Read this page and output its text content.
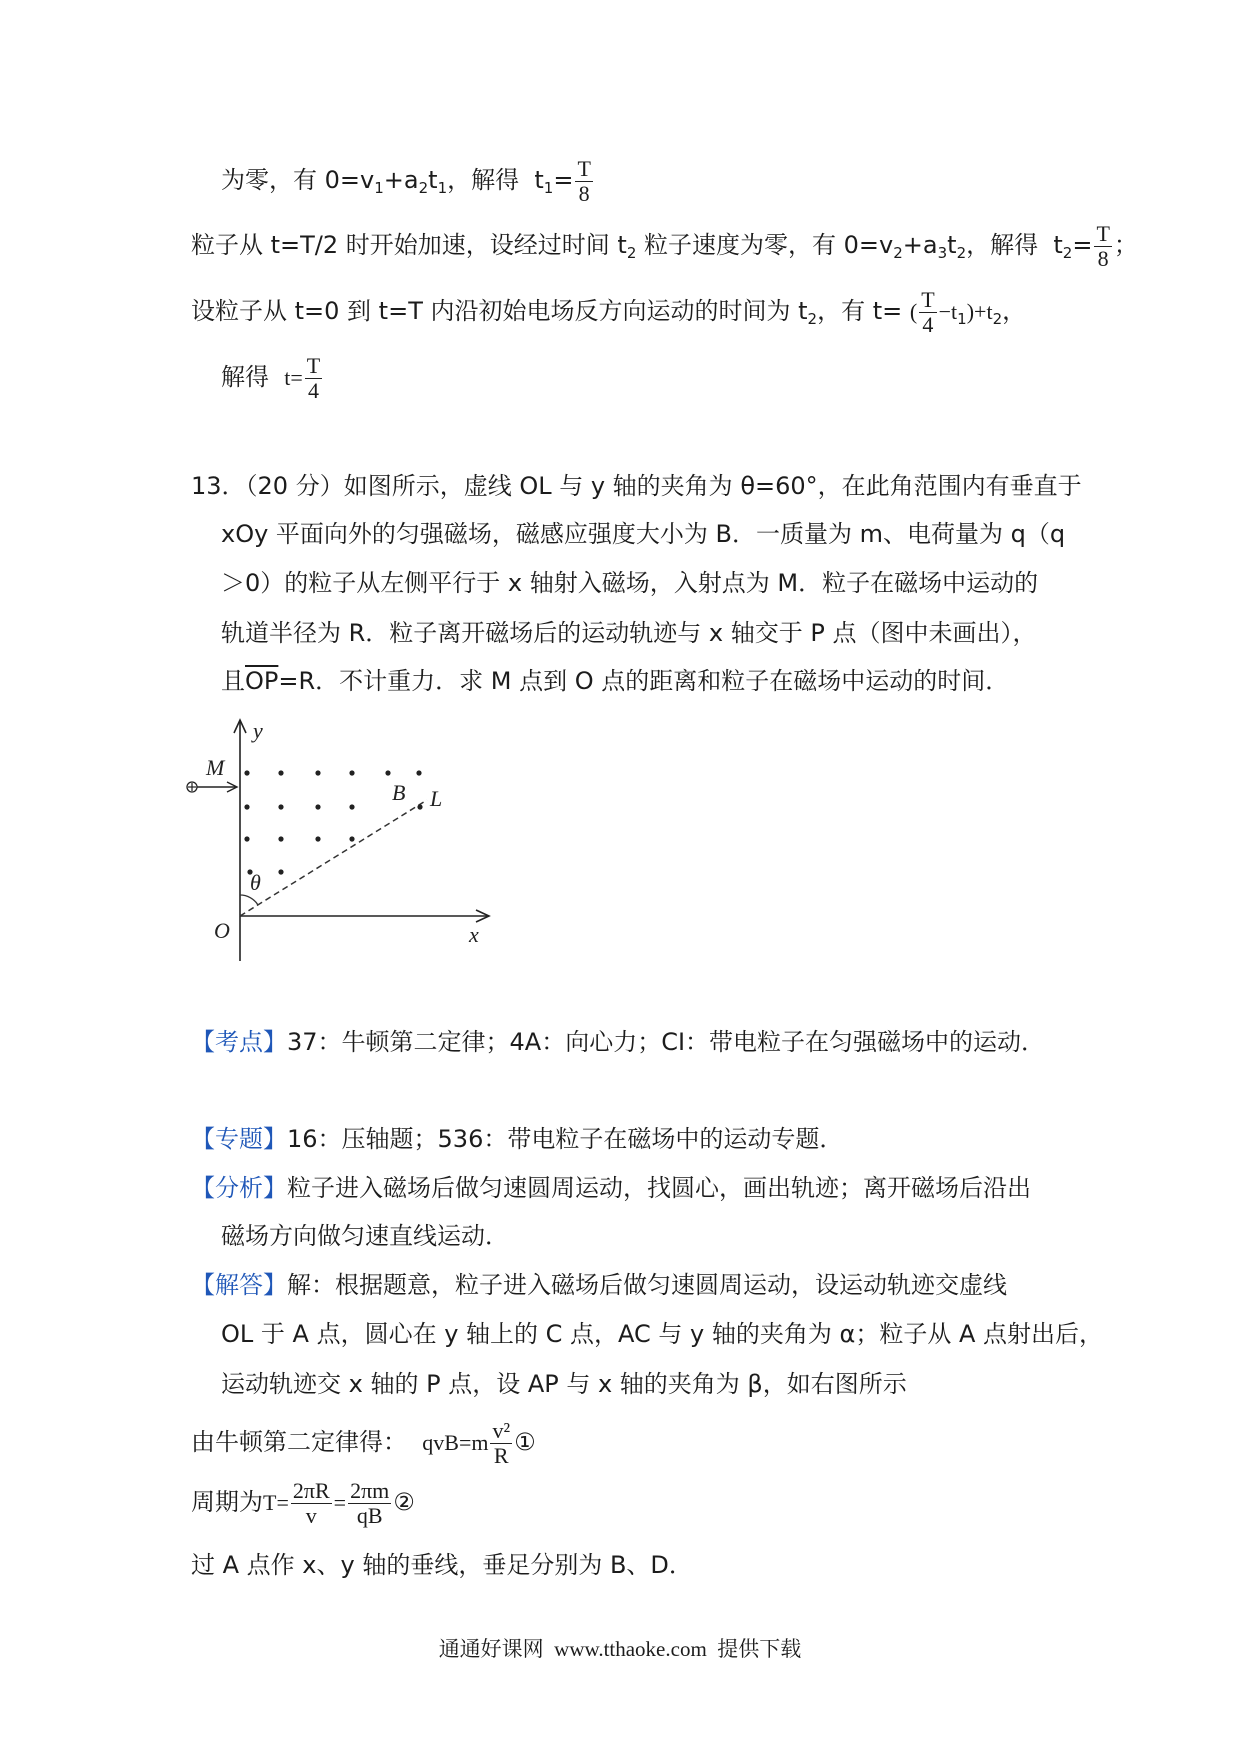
为零，有 $0=v_1+a_2t_1$，解得  $t_1= \frac{T}{8}$
粒子从 t=T/2 时开始加速，设经过时间 $t_2$ 粒子速度为零，有 $0=v_2+a_3t_2$，解得  $t_2= \frac{T}{8}$ ；
设粒子从 t=0 到 t=T 内沿初始电场反方向运动的时间为 $t_2$，有 t= ( $\frac{T}{4} -t_1)+t_2$，
解得  $t= \frac{T}{4}$
13．（20 分）如图所示，虚线 OL 与 y 轴的夹角为 θ=60°，在此角范围内有垂直于
xOy 平面向外的匀强磁场，磁感应强度大小为 B．一质量为 m、电荷量为 q（q
＞0）的粒子从左侧平行于 x 轴射入磁场，入射点为 M．粒子在磁场中运动的
轨道半径为 R．粒子离开磁场后的运动轨迹与 x 轴交于 P 点（图中未画出），
且$\overline{OP}=R$．不计重力．求 M 点到 O 点的距离和粒子在磁场中运动的时间．
y
x
O
M
B L
θ
【考点】37：牛顿第二定律；4A：向心力；CI：带电粒子在匀强磁场中的运动．
【专题】16：压轴题；536：带电粒子在磁场中的运动专题．
【分析】粒子进入磁场后做匀速圆周运动，找圆心，画出轨迹；离开磁场后沿出
磁场方向做匀速直线运动．
【解答】解：根据题意，粒子进入磁场后做匀速圆周运动，设运动轨迹交虚线
OL 于 A 点，圆心在 y 轴上的 C 点，AC 与 y 轴的夹角为 α；粒子从 A 点射出后，
运动轨迹交 x 轴的 P 点，设 AP 与 x 轴的夹角为 β，如右图所示
由牛顿第二定律得：  $qvB=m \frac{\text{v²}}{R}$ ①
周期为$T= \frac{2\pi R}{v} = \frac{2\pi m}{qB}$ ②
过 A 点作 x、y 轴的垂线，垂足分别为 B、D．
通通好课网  www.tthaoke.com  提供下载
